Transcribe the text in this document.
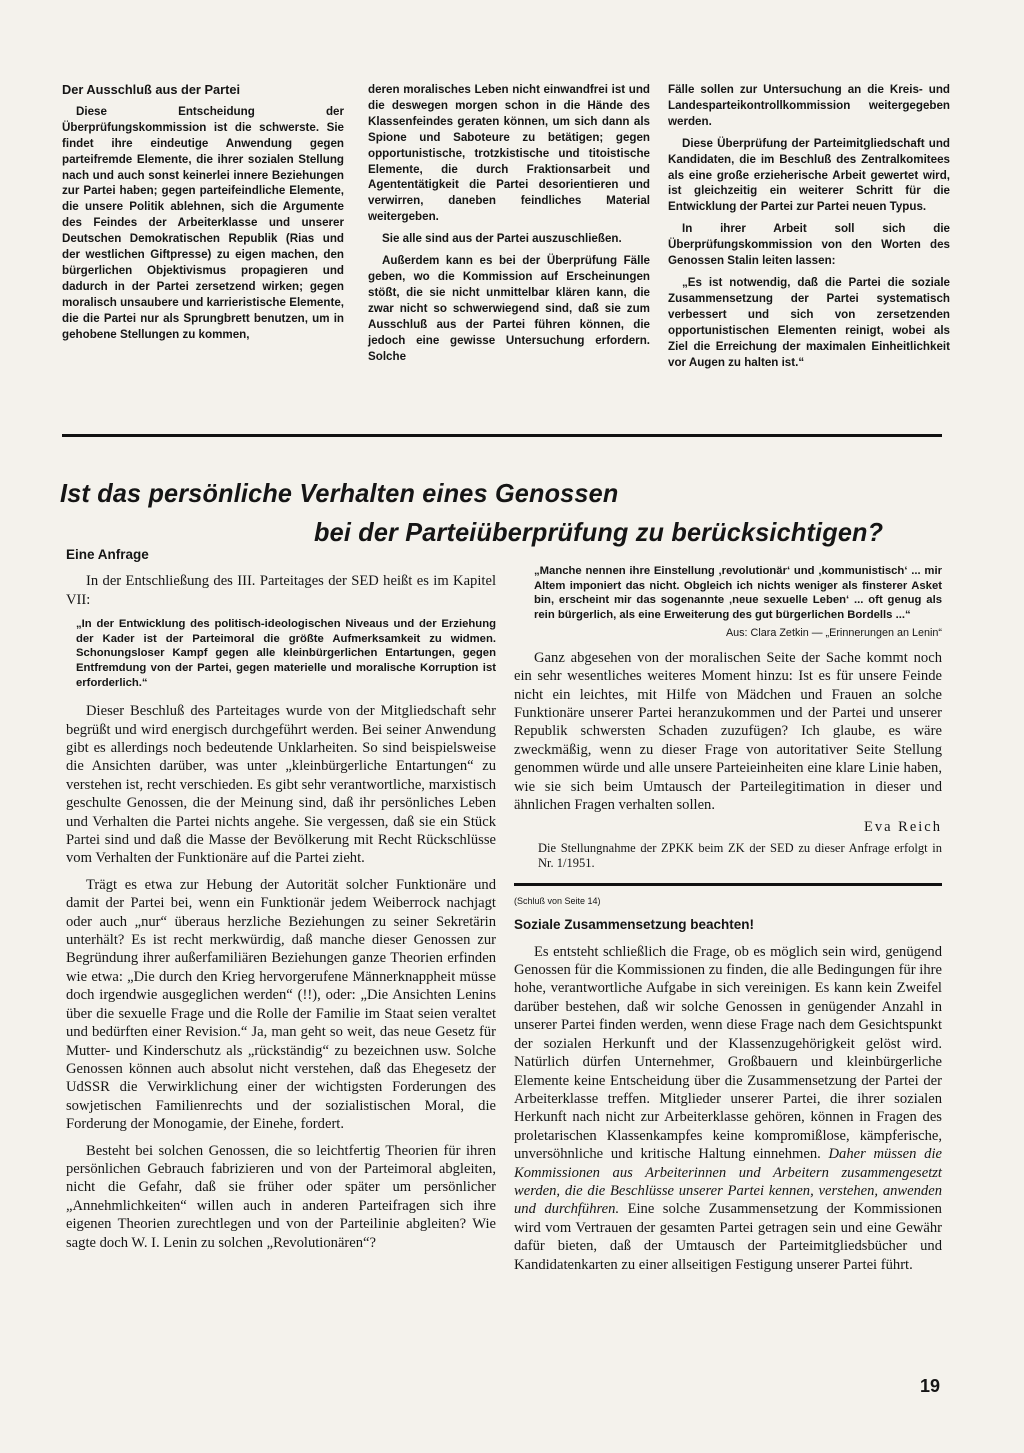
Der Ausschluß aus der Partei

Diese Entscheidung der Überprüfungskommission ist die schwerste. Sie findet ihre eindeutige Anwendung gegen parteifremde Elemente, die ihrer sozialen Stellung nach und auch sonst keinerlei innere Beziehungen zur Partei haben; gegen parteifeindliche Elemente, die unsere Politik ablehnen, sich die Argumente des Feindes der Arbeiterklasse und unserer Deutschen Demokratischen Republik (Rias und der westlichen Giftpresse) zu eigen machen, den bürgerlichen Objektivismus propagieren und dadurch in der Partei zersetzend wirken; gegen moralisch unsaubere und karrieristische Elemente, die die Partei nur als Sprungbrett benutzen, um in gehobene Stellungen zu kommen,

deren moralisches Leben nicht einwandfrei ist und die deswegen morgen schon in die Hände des Klassenfeindes geraten können, um sich dann als Spione und Saboteure zu betätigen; gegen opportunistische, trotzkistische und titoistische Elemente, die durch Fraktionsarbeit und Agententätigkeit die Partei desorientieren und verwirren, daneben feindliches Material weitergeben.

Sie alle sind aus der Partei auszuschließen.

Außerdem kann es bei der Überprüfung Fälle geben, wo die Kommission auf Erscheinungen stößt, die sie nicht unmittelbar klären kann, die zwar nicht so schwerwiegend sind, daß sie zum Ausschluß aus der Partei führen können, die jedoch eine gewisse Untersuchung erfordern. Solche

Fälle sollen zur Untersuchung an die Kreis- und Landesparteikontrollkommission weitergegeben werden.

Diese Überprüfung der Parteimitgliedschaft und Kandidaten, die im Beschluß des Zentralkomitees als eine große erzieherische Arbeit gewertet wird, ist gleichzeitig ein weiterer Schritt für die Entwicklung der Partei zur Partei neuen Typus.

In ihrer Arbeit soll sich die Überprüfungskommission von den Worten des Genossen Stalin leiten lassen:

„Es ist notwendig, daß die Partei die soziale Zusammensetzung der Partei systematisch verbessert und sich von zersetzenden opportunistischen Elementen reinigt, wobei als Ziel die Erreichung der maximalen Einheitlichkeit vor Augen zu halten ist.“

Ist das persönliche Verhalten eines Genossen
bei der Parteiüberprüfung zu berücksichtigen?
Eine Anfrage

In der Entschließung des III. Parteitages der SED heißt es im Kapitel VII:

„In der Entwicklung des politisch-ideologischen Niveaus und der Erziehung der Kader ist der Parteimoral die größte Aufmerksamkeit zu widmen. Schonungsloser Kampf gegen alle kleinbürgerlichen Entartungen, gegen Entfremdung von der Partei, gegen materielle und moralische Korruption ist erforderlich.“

Dieser Beschluß des Parteitages wurde von der Mitgliedschaft sehr begrüßt und wird energisch durchgeführt werden. Bei seiner Anwendung gibt es allerdings noch bedeutende Unklarheiten. So sind beispielsweise die Ansichten darüber, was unter „kleinbürgerliche Entartungen“ zu verstehen ist, recht verschieden. Es gibt sehr verantwortliche, marxistisch geschulte Genossen, die der Meinung sind, daß ihr persönliches Leben und Verhalten die Partei nichts angehe. Sie vergessen, daß sie ein Stück Partei sind und daß die Masse der Bevölkerung mit Recht Rückschlüsse vom Verhalten der Funktionäre auf die Partei zieht.

Trägt es etwa zur Hebung der Autorität solcher Funktionäre und damit der Partei bei, wenn ein Funktionär jedem Weiberrock nachjagt oder auch „nur“ überaus herzliche Beziehungen zu seiner Sekretärin unterhält? Es ist recht merkwürdig, daß manche dieser Genossen zur Begründung ihrer außerfamiliären Beziehungen ganze Theorien erfinden wie etwa: „Die durch den Krieg hervorgerufene Männerknappheit müsse doch irgendwie ausgeglichen werden“ (!!), oder: „Die Ansichten Lenins über die sexuelle Frage und die Rolle der Familie im Staat seien veraltet und bedürften einer Revision.“ Ja, man geht so weit, das neue Gesetz für Mutter- und Kinderschutz als „rückständig“ zu bezeichnen usw. Solche Genossen können auch absolut nicht verstehen, daß das Ehegesetz der UdSSR die Verwirklichung einer der wichtigsten Forderungen des sowjetischen Familienrechts und der sozialistischen Moral, die Forderung der Monogamie, der Einehe, fordert.

Besteht bei solchen Genossen, die so leichtfertig Theorien für ihren persönlichen Gebrauch fabrizieren und von der Parteimoral abgleiten, nicht die Gefahr, daß sie früher oder später um persönlicher „Annehmlichkeiten“ willen auch in anderen Parteifragen sich ihre eigenen Theorien zurechtlegen und von der Parteilinie abgleiten? Wie sagte doch W. I. Lenin zu solchen „Revolutionären“?

„Manche nennen ihre Einstellung ‚revolutionär‘ und ‚kommunistisch‘ ... mir Altem imponiert das nicht. Obgleich ich nichts weniger als finsterer Asket bin, erscheint mir das sogenannte ‚neue sexuelle Leben‘ ... oft genug als rein bürgerlich, als eine Erweiterung des gut bürgerlichen Bordells ...“
Aus: Clara Zetkin — „Erinnerungen an Lenin“

Ganz abgesehen von der moralischen Seite der Sache kommt noch ein sehr wesentliches weiteres Moment hinzu: Ist es für unsere Feinde nicht ein leichtes, mit Hilfe von Mädchen und Frauen an solche Funktionäre unserer Partei heranzukommen und der Partei und unserer Republik schwersten Schaden zuzufügen? Ich glaube, es wäre zweckmäßig, wenn zu dieser Frage von autoritativer Seite Stellung genommen würde und alle unsere Parteieinheiten eine klare Linie haben, wie sie sich beim Umtausch der Parteilegitimation in dieser und ähnlichen Fragen verhalten sollen.

Eva Reich

Die Stellungnahme der ZPKK beim ZK der SED zu dieser Anfrage erfolgt in Nr. 1/1951.

(Schluß von Seite 14)
Soziale Zusammensetzung beachten!

Es entsteht schließlich die Frage, ob es möglich sein wird, genügend Genossen für die Kommissionen zu finden, die alle Bedingungen für ihre hohe, verantwortliche Aufgabe in sich vereinigen. Es kann kein Zweifel darüber bestehen, daß wir solche Genossen in genügender Anzahl in unserer Partei finden werden, wenn diese Frage nach dem Gesichtspunkt der sozialen Herkunft und der Klassenzugehörigkeit gelöst wird. Natürlich dürfen Unternehmer, Großbauern und kleinbürgerliche Elemente keine Entscheidung über die Zusammensetzung der Partei der Arbeiterklasse treffen. Mitglieder unserer Partei, die ihrer sozialen Herkunft nach nicht zur Arbeiterklasse gehören, können in Fragen des proletarischen Klassenkampfes keine kompromißlose, kämpferische, unversöhnliche und kritische Haltung einnehmen. Daher müssen die Kommissionen aus Arbeiterinnen und Arbeitern zusammengesetzt werden, die die Beschlüsse unserer Partei kennen, verstehen, anwenden und durchführen. Eine solche Zusammensetzung der Kommissionen wird vom Vertrauen der gesamten Partei getragen sein und eine Gewähr dafür bieten, daß der Umtausch der Parteimitgliedsbücher und Kandidatenkarten zu einer allseitigen Festigung unserer Partei führt.

19
